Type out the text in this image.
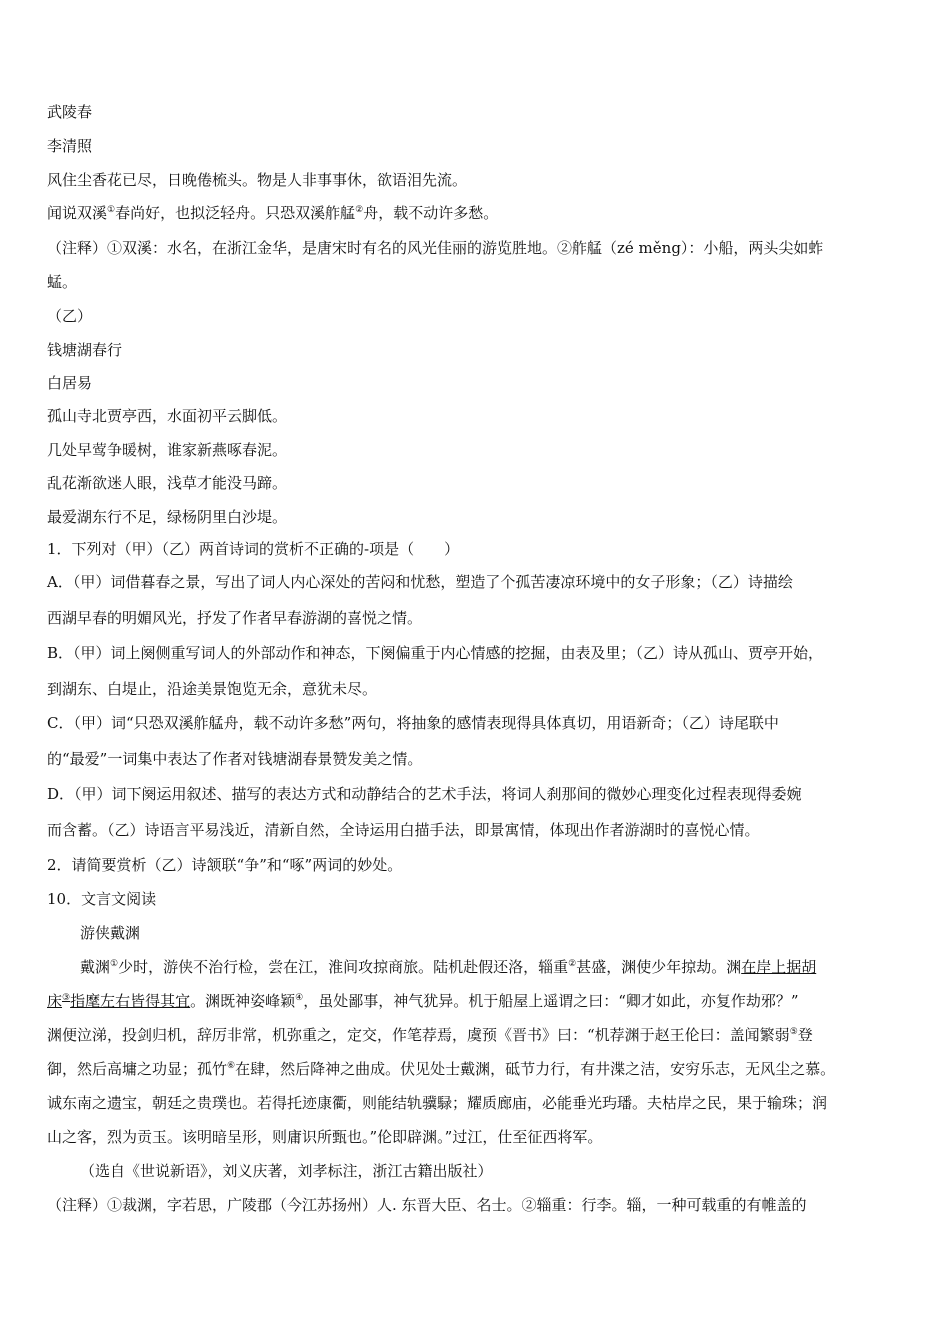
武陵春
李清照
风住尘香花已尽，日晚倦梳头。物是人非事事休，欲语泪先流。
闻说双溪①春尚好，也拟泛轻舟。只恐双溪舴艋②舟，载不动许多愁。
（注释）①双溪：水名，在浙江金华，是唐宋时有名的风光佳丽的游览胜地。②舴艋（zé měng）：小船，两头尖如蚱
蜢。
（乙）
钱塘湖春行
白居易
孤山寺北贾亭西，水面初平云脚低。
几处早莺争暖树，谁家新燕啄春泥。
乱花渐欲迷人眼，浅草才能没马蹄。
最爱湖东行不足，绿杨阴里白沙堤。
1．下列对（甲）（乙）两首诗词的赏析不正确的-项是（　　）
A．（甲）词借暮春之景，写出了词人内心深处的苦闷和忧愁，塑造了个孤苦凄凉环境中的女子形象；（乙）诗描绘
西湖早春的明媚风光，抒发了作者早春游湖的喜悦之情。
B．（甲）词上阕侧重写词人的外部动作和神态，下阕偏重于内心情感的挖掘，由表及里；（乙）诗从孤山、贾亭开始，
到湖东、白堤止，沿途美景饱览无余，意犹未尽。
C．（甲）词“只恐双溪舴艋舟，载不动许多愁”两句，将抽象的感情表现得具体真切，用语新奇；（乙）诗尾联中
的“最爱”一词集中表达了作者对钱塘湖春景赞发美之情。
D．（甲）词下阕运用叙述、描写的表达方式和动静结合的艺术手法，将词人刹那间的微妙心理变化过程表现得委婉
而含蓄。（乙）诗语言平易浅近，清新自然，全诗运用白描手法，即景寓情，体现出作者游湖时的喜悦心情。
2．请简要赏析（乙）诗颔联“争”和“啄”两词的妙处。
10．文言文阅读
游侠戴渊
戴渊①少时，游侠不治行检，尝在江，淮间攻掠商旅。陆机赴假还洛，辎重②甚盛，渊使少年掠劫。渊在岸上据胡
床③指麾左右皆得其宜。渊既神姿峰颖④，虽处鄙事，神气犹异。机于船屋上遥谓之曰：“卿才如此，亦复作劫邪？”
渊便泣涕，投剑归机，辞厉非常，机弥重之，定交，作笔荐焉，虞预《晋书》曰：“机荐渊于赵王伦曰：盖闻繁弱⑤登
御，然后高墉之功显；孤竹⑥在肆，然后降神之曲成。伏见处士戴渊，砥节力行，有井渫之洁，安穷乐志，无风尘之慕。
诚东南之遗宝，朝廷之贵璞也。若得托迹康衢，则能结轨骥騄；耀质廊庙，必能垂光玙璠。夫枯岸之民，果于输珠；润
山之客，烈为贡玉。该明暗呈形，则庸识所甄也。”伦即辟渊。”过江，仕至征西将军。
（选自《世说新语》，刘义庆著，刘孝标注，浙江古籍出版社）
（注释）①裁渊，字若思，广陵郡（今江苏扬州）人. 东晋大臣、名士。②辎重：行李。辎，一种可载重的有帷盖的
